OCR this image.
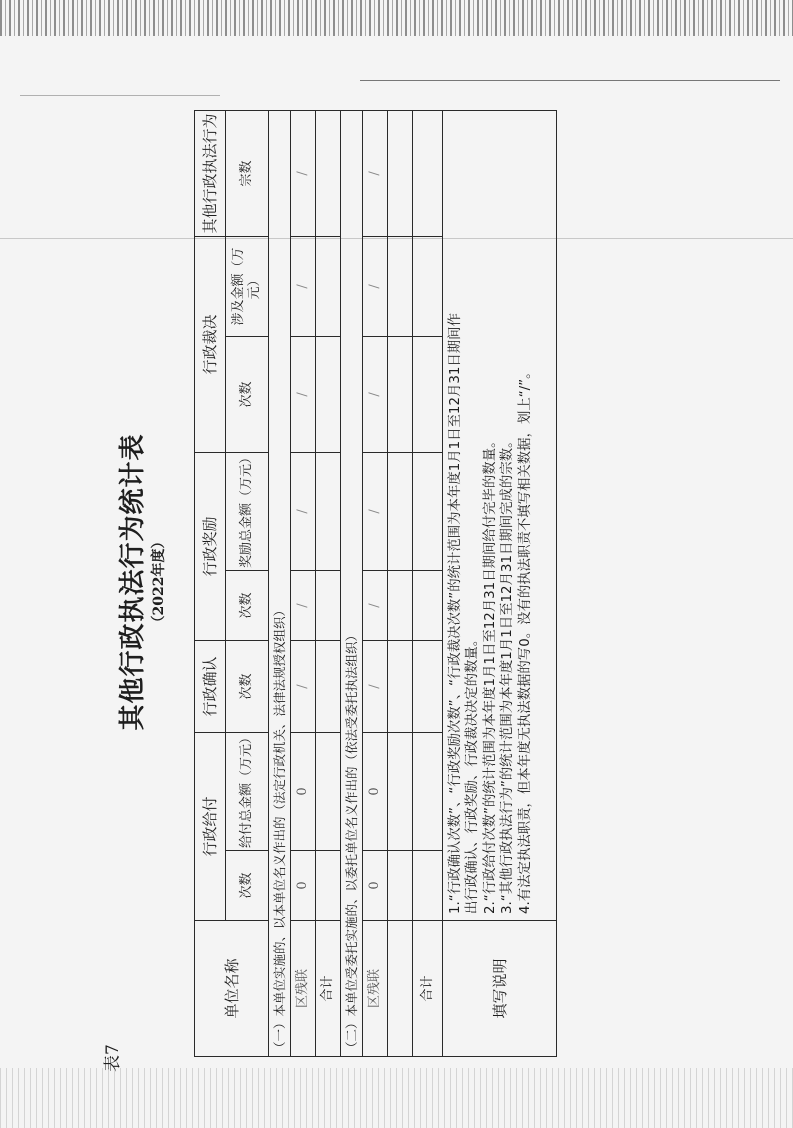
表7
其他行政执法行为统计表 （2022年度）
单位名称	行政给付		行政确认	行政奖励		行政裁决		其他行政执法行为
	次数	给付总金额（万元）	次数	次数	奖励总金额（万元）	次数	涉及金额（万元）	宗数
（一）本单位实施的、以本单位名义作出的（法定行政机关、法律法规授权组织）								
区残联	0	0	/	/	/	/	/	/
合计								
（二）本单位受委托实施的、以委托单位名义作出的（依法受委托执法组织）								
区残联	0	0	/	/	/	/	/	/

合计								
填写说明	1.“行政确认次数”、“行政奖励次数”、“行政裁决次数”的统计范围为本年度1月1日至12月31日期间作 出行政确认、行政奖励、行政裁决决定的数量。 2.“行政给付次数”的统计范围为本年度1月1日至12月31日期间给付完毕的数量。 3.“其他行政执法行为”的统计范围为本年度1月1日至12月31日期间完成的宗数。 4.有法定执法职责，但本年度无执法数据的写0。没有的执法职责不填写相关数据，划上“/”。							
